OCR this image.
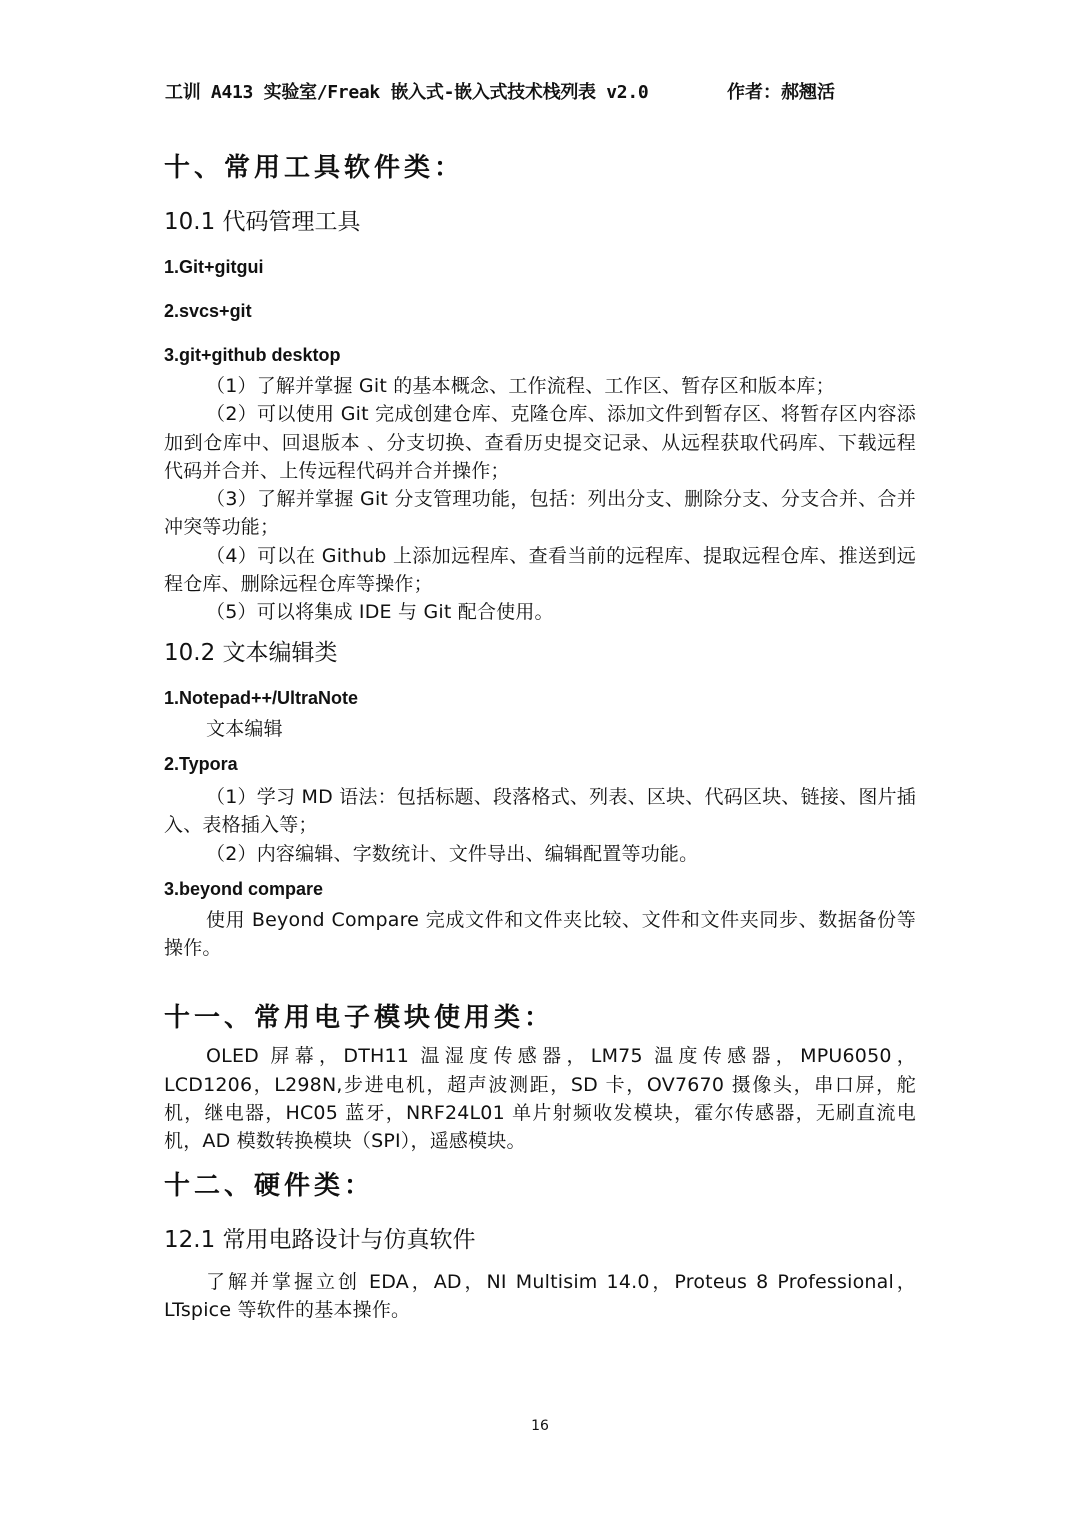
工训 A413 实验室/Freak 嵌入式-嵌入式技术栈列表 v2.0	作者：郝翘活
十、常用工具软件类：
10.1 代码管理工具
1.Git+gitgui
2.svcs+git
3.git+github desktop

（1）了解并掌握 Git 的基本概念、工作流程、工作区、暂存区和版本库；

（2）可以使用 Git 完成创建仓库、克隆仓库、添加文件到暂存区、将暂存区内容添加到仓库中、回退版本 、分支切换、查看历史提交记录、从远程获取代码库、下载远程代码并合并、上传远程代码并合并操作；

（3）了解并掌握 Git 分支管理功能，包括：列出分支、删除分支、分支合并、合并冲突等功能；

（4）可以在 Github 上添加远程库、查看当前的远程库、提取远程仓库、推送到远程仓库、删除远程仓库等操作；

（5）可以将集成 IDE 与 Git 配合使用。

10.2 文本编辑类
1.Notepad++/UltraNote

文本编辑

2.Typora

（1）学习 MD 语法：包括标题、段落格式、列表、区块、代码区块、链接、图片插入、表格插入等；

（2）内容编辑、字数统计、文件导出、编辑配置等功能。

3.beyond compare

使用 Beyond Compare 完成文件和文件夹比较、文件和文件夹同步、数据备份等操作。

十一、常用电子模块使用类：

OLED 屏幕，DTH11 温湿度传感器，LM75 温度传感器，MPU6050，LCD1206，L298N,步进电机，超声波测距，SD 卡，OV7670 摄像头，串口屏，舵机，继电器，HC05 蓝牙，NRF24L01 单片射频收发模块，霍尔传感器，无刷直流电机，AD 模数转换模块（SPI），遥感模块。

十二、硬件类：
12.1 常用电路设计与仿真软件

了解并掌握立创 EDA，AD，NI Multisim 14.0，Proteus 8 Professional，LTspice 等软件的基本操作。

16
